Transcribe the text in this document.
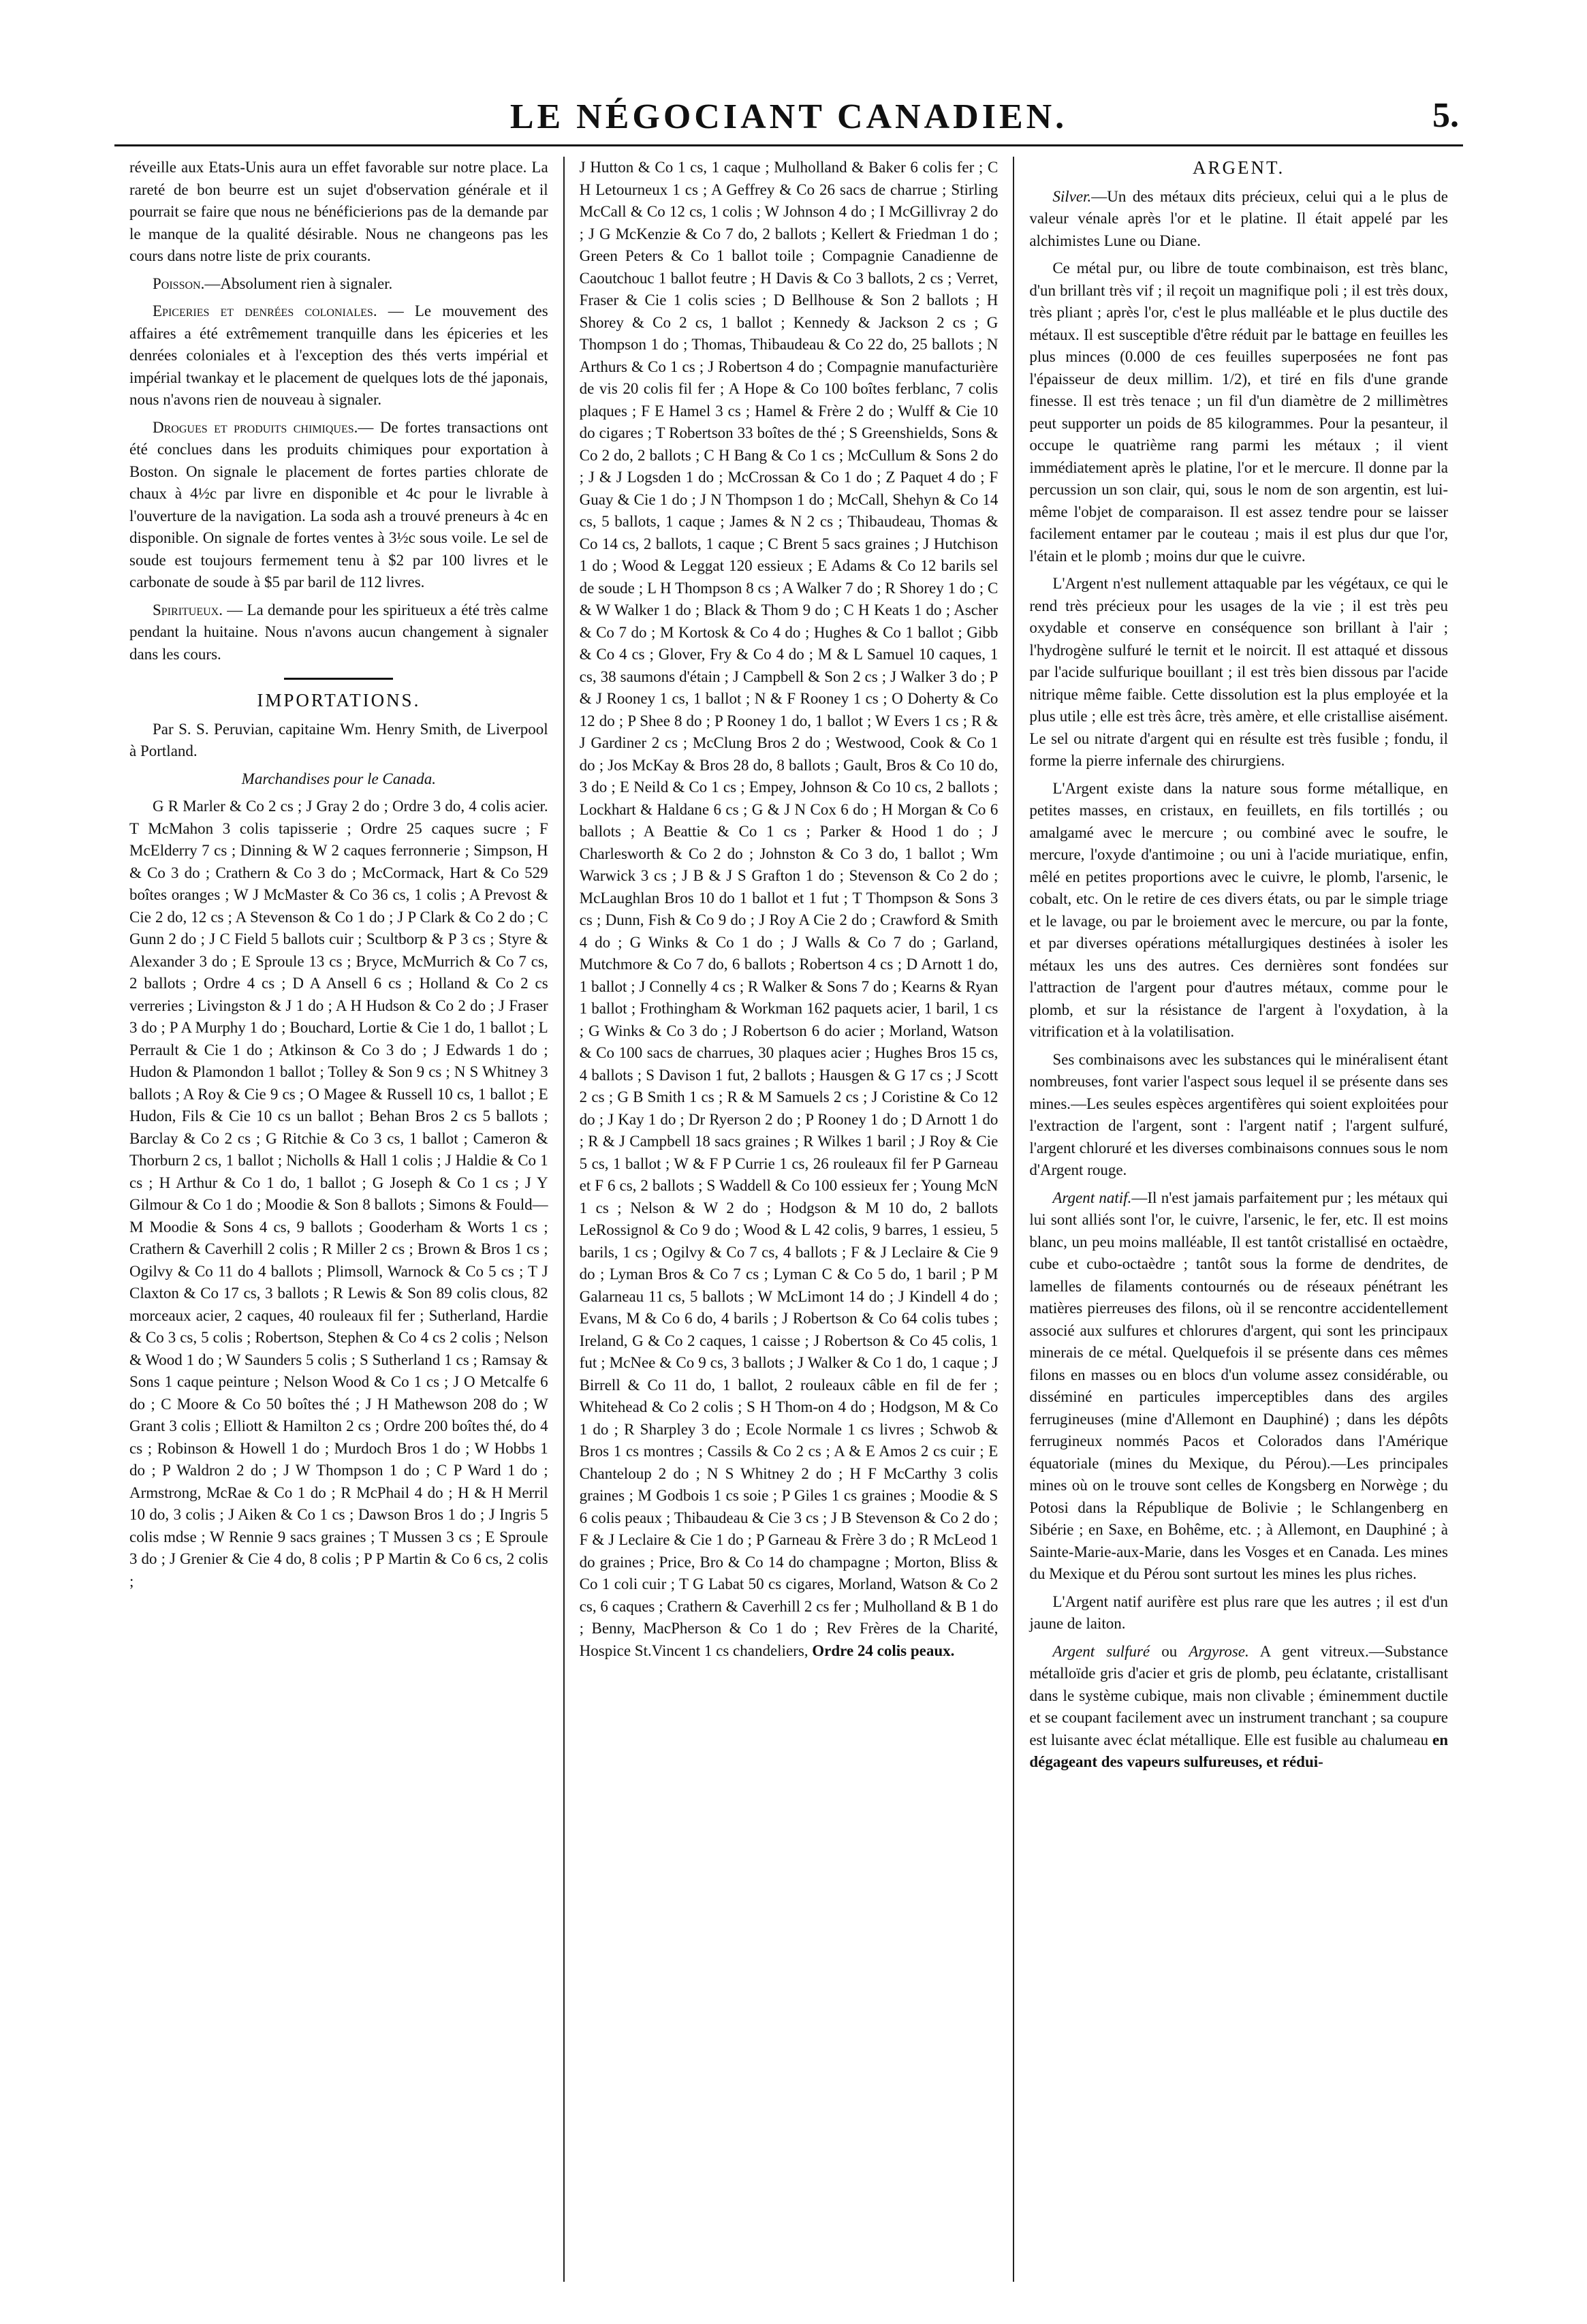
LE NÉGOCIANT CANADIEN.	5.

réveille aux Etats-Unis aura un effet favorable sur notre place. La rareté de bon beurre est un sujet d'observation générale et il pourrait se faire que nous ne bénéficierions pas de la demande par le manque de la qualité désirable. Nous ne changeons pas les cours dans notre liste de prix courants.

Poisson.—Absolument rien à signaler.

Epiceries et denrées coloniales. — Le mouvement des affaires a été extrêmement tranquille dans les épiceries et les denrées coloniales et à l'exception des thés verts impérial et impérial twankay et le placement de quelques lots de thé japonais, nous n'avons rien de nouveau à signaler.

Drogues et produits chimiques.— De fortes transactions ont été conclues dans les produits chimiques pour exportation à Boston. On signale le placement de fortes parties chlorate de chaux à 4½c par livre en disponible et 4c pour le livrable à l'ouverture de la navigation. La soda ash a trouvé preneurs à 4c en disponible. On signale de fortes ventes à 3½c sous voile. Le sel de soude est toujours fermement tenu à $2 par 100 livres et le carbonate de soude à $5 par baril de 112 livres.

Spiritueux. — La demande pour les spiritueux a été très calme pendant la huitaine. Nous n'avons aucun changement à signaler dans les cours.

IMPORTATIONS.

Par S. S. Peruvian, capitaine Wm. Henry Smith, de Liverpool à Portland.

Marchandises pour le Canada.

G R Marler & Co 2 cs ; J Gray 2 do ; Ordre 3 do, 4 colis acier. T McMahon 3 colis tapisserie ; Ordre 25 caques sucre ; F McElderry 7 cs ; Dinning & W 2 caques ferronnerie ; Simpson, H & Co 3 do ; Crathern & Co 3 do ; McCormack, Hart & Co 529 boîtes oranges ; W J McMaster & Co 36 cs, 1 colis ; A Prevost & Cie 2 do, 12 cs ; A Stevenson & Co 1 do ; J P Clark & Co 2 do ; C Gunn 2 do ; J C Field 5 ballots cuir ; Scultborp & P 3 cs ; Styre & Alexander 3 do ; E Sproule 13 cs ; Bryce, McMurrich & Co 7 cs, 2 ballots ; Ordre 4 cs ; D A Ansell 6 cs ; Holland & Co 2 cs verreries ; Livingston & J 1 do ; A H Hudson & Co 2 do ; J Fraser 3 do ; P A Murphy 1 do ; Bouchard, Lortie & Cie 1 do, 1 ballot ; L Perrault & Cie 1 do ; Atkinson & Co 3 do ; J Edwards 1 do ; Hudon & Plamondon 1 ballot ; Tolley & Son 9 cs ; N S Whitney 3 ballots ; A Roy & Cie 9 cs ; O Magee & Russell 10 cs, 1 ballot ; E Hudon, Fils & Cie 10 cs un ballot ; Behan Bros 2 cs 5 ballots ; Barclay & Co 2 cs ; G Ritchie & Co 3 cs, 1 ballot ; Cameron & Thorburn 2 cs, 1 ballot ; Nicholls & Hall 1 colis ; J Haldie & Co 1 cs ; H Arthur & Co 1 do, 1 ballot ; G Joseph & Co 1 cs ; J Y Gilmour & Co 1 do ; Moodie & Son 8 ballots ; Simons & Fould—M Moodie & Sons 4 cs, 9 ballots ; Gooderham & Worts 1 cs ; Crathern & Caverhill 2 colis ; R Miller 2 cs ; Brown & Bros 1 cs ; Ogilvy & Co 11 do 4 ballots ; Plimsoll, Warnock & Co 5 cs ; T J Claxton & Co 17 cs, 3 ballots ; R Lewis & Son 89 colis clous, 82 morceaux acier, 2 caques, 40 rouleaux fil fer ; Sutherland, Hardie & Co 3 cs, 5 colis ; Robertson, Stephen & Co 4 cs 2 colis ; Nelson & Wood 1 do ; W Saunders 5 colis ; S Sutherland 1 cs ; Ramsay & Sons 1 caque peinture ; Nelson Wood & Co 1 cs ; J O Metcalfe 6 do ; C Moore & Co 50 boîtes thé ; J H Mathewson 208 do ; W Grant 3 colis ; Elliott & Hamilton 2 cs ; Ordre 200 boîtes thé, do 4 cs ; Robinson & Howell 1 do ; Murdoch Bros 1 do ; W Hobbs 1 do ; P Waldron 2 do ; J W Thompson 1 do ; C P Ward 1 do ; Armstrong, McRae & Co 1 do ; R McPhail 4 do ; H & H Merril 10 do, 3 colis ; J Aiken & Co 1 cs ; Dawson Bros 1 do ; J Ingris 5 colis mdse ; W Rennie 9 sacs graines ; T Mussen 3 cs ; E Sproule 3 do ; J Grenier & Cie 4 do, 8 colis ; P P Martin & Co 6 cs, 2 colis ;

J Hutton & Co 1 cs, 1 caque ; Mulholland & Baker 6 colis fer ; C H Letourneux 1 cs ; A Geffrey & Co 26 sacs de charrue ; Stirling McCall & Co 12 cs, 1 colis ; W Johnson 4 do ; I McGillivray 2 do ; J G McKenzie & Co 7 do, 2 ballots ; Kellert & Friedman 1 do ; Green Peters & Co 1 ballot toile ; Compagnie Canadienne de Caoutchouc 1 ballot feutre ; H Davis & Co 3 ballots, 2 cs ; Verret, Fraser & Cie 1 colis scies ; D Bellhouse & Son 2 ballots ; H Shorey & Co 2 cs, 1 ballot ; Kennedy & Jackson 2 cs ; G Thompson 1 do ; Thomas, Thibaudeau & Co 22 do, 25 ballots ; N Arthurs & Co 1 cs ; J Robertson 4 do ; Compagnie manufacturière de vis 20 colis fil fer ; A Hope & Co 100 boîtes ferblanc, 7 colis plaques ; F E Hamel 3 cs ; Hamel & Frère 2 do ; Wulff & Cie 10 do cigares ; T Robertson 33 boîtes de thé ; S Greenshields, Sons & Co 2 do, 2 ballots ; C H Bang & Co 1 cs ; McCullum & Sons 2 do ; J & J Logsden 1 do ; McCrossan & Co 1 do ; Z Paquet 4 do ; F Guay & Cie 1 do ; J N Thompson 1 do ; McCall, Shehyn & Co 14 cs, 5 ballots, 1 caque ; James & N 2 cs ; Thibaudeau, Thomas & Co 14 cs, 2 ballots, 1 caque ; C Brent 5 sacs graines ; J Hutchison 1 do ; Wood & Leggat 120 essieux ; E Adams & Co 12 barils sel de soude ; L H Thompson 8 cs ; A Walker 7 do ; R Shorey 1 do ; C & W Walker 1 do ; Black & Thom 9 do ; C H Keats 1 do ; Ascher & Co 7 do ; M Kortosk & Co 4 do ; Hughes & Co 1 ballot ; Gibb & Co 4 cs ; Glover, Fry & Co 4 do ; M & L Samuel 10 caques, 1 cs, 38 saumons d'étain ; J Campbell & Son 2 cs ; J Walker 3 do ; P & J Rooney 1 cs, 1 ballot ; N & F Rooney 1 cs ; O Doherty & Co 12 do ; P Shee 8 do ; P Rooney 1 do, 1 ballot ; W Evers 1 cs ; R & J Gardiner 2 cs ; McClung Bros 2 do ; Westwood, Cook & Co 1 do ; Jos McKay & Bros 28 do, 8 ballots ; Gault, Bros & Co 10 do, 3 do ; E Neild & Co 1 cs ; Empey, Johnson & Co 10 cs, 2 ballots ; Lockhart & Haldane 6 cs ; G & J N Cox 6 do ; H Morgan & Co 6 ballots ; A Beattie & Co 1 cs ; Parker & Hood 1 do ; J Charlesworth & Co 2 do ; Johnston & Co 3 do, 1 ballot ; Wm Warwick 3 cs ; J B & J S Grafton 1 do ; Stevenson & Co 2 do ; McLaughlan Bros 10 do 1 ballot et 1 fut ; T Thompson & Sons 3 cs ; Dunn, Fish & Co 9 do ; J Roy A Cie 2 do ; Crawford & Smith 4 do ; G Winks & Co 1 do ; J Walls & Co 7 do ; Garland, Mutchmore & Co 7 do, 6 ballots ; Robertson 4 cs ; D Arnott 1 do, 1 ballot ; J Connelly 4 cs ; R Walker & Sons 7 do ; Kearns & Ryan 1 ballot ; Frothingham & Workman 162 paquets acier, 1 baril, 1 cs ; G Winks & Co 3 do ; J Robertson 6 do acier ; Morland, Watson & Co 100 sacs de charrues, 30 plaques acier ; Hughes Bros 15 cs, 4 ballots ; S Davison 1 fut, 2 ballots ; Hausgen & G 17 cs ; J Scott 2 cs ; G B Smith 1 cs ; R & M Samuels 2 cs ; J Coristine & Co 12 do ; J Kay 1 do ; Dr Ryerson 2 do ; P Rooney 1 do ; D Arnott 1 do ; R & J Campbell 18 sacs graines ; R Wilkes 1 baril ; J Roy & Cie 5 cs, 1 ballot ; W & F P Currie 1 cs, 26 rouleaux fil fer P Garneau et F 6 cs, 2 ballots ; S Waddell & Co 100 essieux fer ; Young McN 1 cs ; Nelson & W 2 do ; Hodgson & M 10 do, 2 ballots LeRossignol & Co 9 do ; Wood & L 42 colis, 9 barres, 1 essieu, 5 barils, 1 cs ; Ogilvy & Co 7 cs, 4 ballots ; F & J Leclaire & Cie 9 do ; Lyman Bros & Co 7 cs ; Lyman C & Co 5 do, 1 baril ; P M Galarneau 11 cs, 5 ballots ; W McLimont 14 do ; J Kindell 4 do ; Evans, M & Co 6 do, 4 barils ; J Robertson & Co 64 colis tubes ; Ireland, G & Co 2 caques, 1 caisse ; J Robertson & Co 45 colis, 1 fut ; McNee & Co 9 cs, 3 ballots ; J Walker & Co 1 do, 1 caque ; J Birrell & Co 11 do, 1 ballot, 2 rouleaux câble en fil de fer ; Whitehead & Co 2 colis ; S H Thom-on 4 do ; Hodgson, M & Co 1 do ; R Sharpley 3 do ; Ecole Normale 1 cs livres ; Schwob & Bros 1 cs montres ; Cassils & Co 2 cs ; A & E Amos 2 cs cuir ; E Chanteloup 2 do ; N S Whitney 2 do ; H F McCarthy 3 colis graines ; M Godbois 1 cs soie ; P Giles 1 cs graines ; Moodie & S 6 colis peaux ; Thibaudeau & Cie 3 cs ; J B Stevenson & Co 2 do ; F & J Leclaire & Cie 1 do ; P Garneau & Frère 3 do ; R McLeod 1 do graines ; Price, Bro & Co 14 do champagne ; Morton, Bliss & Co 1 coli cuir ; T G Labat 50 cs cigares, Morland, Watson & Co 2 cs, 6 caques ; Crathern & Caverhill 2 cs fer ; Mulholland & B 1 do ; Benny, MacPherson & Co 1 do ; Rev Frères de la Charité, Hospice St.Vincent 1 cs chandeliers, Ordre 24 colis peaux.

ARGENT.

Silver.—Un des métaux dits précieux, celui qui a le plus de valeur vénale après l'or et le platine. Il était appelé par les alchimistes Lune ou Diane.

Ce métal pur, ou libre de toute combinaison, est très blanc, d'un brillant très vif ; il reçoit un magnifique poli ; il est très doux, très pliant ; après l'or, c'est le plus malléable et le plus ductile des métaux. Il est susceptible d'être réduit par le battage en feuilles les plus minces (0.000 de ces feuilles superposées ne font pas l'épaisseur de deux millim. 1/2), et tiré en fils d'une grande finesse. Il est très tenace ; un fil d'un diamètre de 2 millimètres peut supporter un poids de 85 kilogrammes. Pour la pesanteur, il occupe le quatrième rang parmi les métaux ; il vient immédiatement après le platine, l'or et le mercure. Il donne par la percussion un son clair, qui, sous le nom de son argentin, est lui-même l'objet de comparaison. Il est assez tendre pour se laisser facilement entamer par le couteau ; mais il est plus dur que l'or, l'étain et le plomb ; moins dur que le cuivre.

L'Argent n'est nullement attaquable par les végétaux, ce qui le rend très précieux pour les usages de la vie ; il est très peu oxydable et conserve en conséquence son brillant à l'air ; l'hydrogène sulfuré le ternit et le noircit. Il est attaqué et dissous par l'acide sulfurique bouillant ; il est très bien dissous par l'acide nitrique même faible. Cette dissolution est la plus employée et la plus utile ; elle est très âcre, très amère, et elle cristallise aisément. Le sel ou nitrate d'argent qui en résulte est très fusible ; fondu, il forme la pierre infernale des chirurgiens.

L'Argent existe dans la nature sous forme métallique, en petites masses, en cristaux, en feuillets, en fils tortillés ; ou amalgamé avec le mercure ; ou combiné avec le soufre, le mercure, l'oxyde d'antimoine ; ou uni à l'acide muriatique, enfin, mêlé en petites proportions avec le cuivre, le plomb, l'arsenic, le cobalt, etc. On le retire de ces divers états, ou par le simple triage et le lavage, ou par le broiement avec le mercure, ou par la fonte, et par diverses opérations métallurgiques destinées à isoler les métaux les uns des autres. Ces dernières sont fondées sur l'attraction de l'argent pour d'autres métaux, comme pour le plomb, et sur la résistance de l'argent à l'oxydation, à la vitrification et à la volatilisation.

Ses combinaisons avec les substances qui le minéralisent étant nombreuses, font varier l'aspect sous lequel il se présente dans ses mines.—Les seules espèces argentifères qui soient exploitées pour l'extraction de l'argent, sont : l'argent natif ; l'argent sulfuré, l'argent chloruré et les diverses combinaisons connues sous le nom d'Argent rouge.

Argent natif.—Il n'est jamais parfaitement pur ; les métaux qui lui sont alliés sont l'or, le cuivre, l'arsenic, le fer, etc. Il est moins blanc, un peu moins malléable, Il est tantôt cristallisé en octaèdre, cube et cubo-octaèdre ; tantôt sous la forme de dendrites, de lamelles de filaments contournés ou de réseaux pénétrant les matières pierreuses des filons, où il se rencontre accidentellement associé aux sulfures et chlorures d'argent, qui sont les principaux minerais de ce métal. Quelquefois il se présente dans ces mêmes filons en masses ou en blocs d'un volume assez considérable, ou disséminé en particules imperceptibles dans des argiles ferrugineuses (mine d'Allemont en Dauphiné) ; dans les dépôts ferrugineux nommés Pacos et Colorados dans l'Amérique équatoriale (mines du Mexique, du Pérou).—Les principales mines où on le trouve sont celles de Kongsberg en Norwège ; du Potosi dans la République de Bolivie ; le Schlangenberg en Sibérie ; en Saxe, en Bohême, etc. ; à Allemont, en Dauphiné ; à Sainte-Marie-aux-Marie, dans les Vosges et en Canada. Les mines du Mexique et du Pérou sont surtout les mines les plus riches.

L'Argent natif aurifère est plus rare que les autres ; il est d'un jaune de laiton.

Argent sulfuré ou Argyrose. A gent vitreux.—Substance métalloïde gris d'acier et gris de plomb, peu éclatante, cristallisant dans le système cubique, mais non clivable ; éminemment ductile et se coupant facilement avec un instrument tranchant ; sa coupure est luisante avec éclat métallique. Elle est fusible au chalumeau en dégageant des vapeurs sulfureuses, et rédui-
